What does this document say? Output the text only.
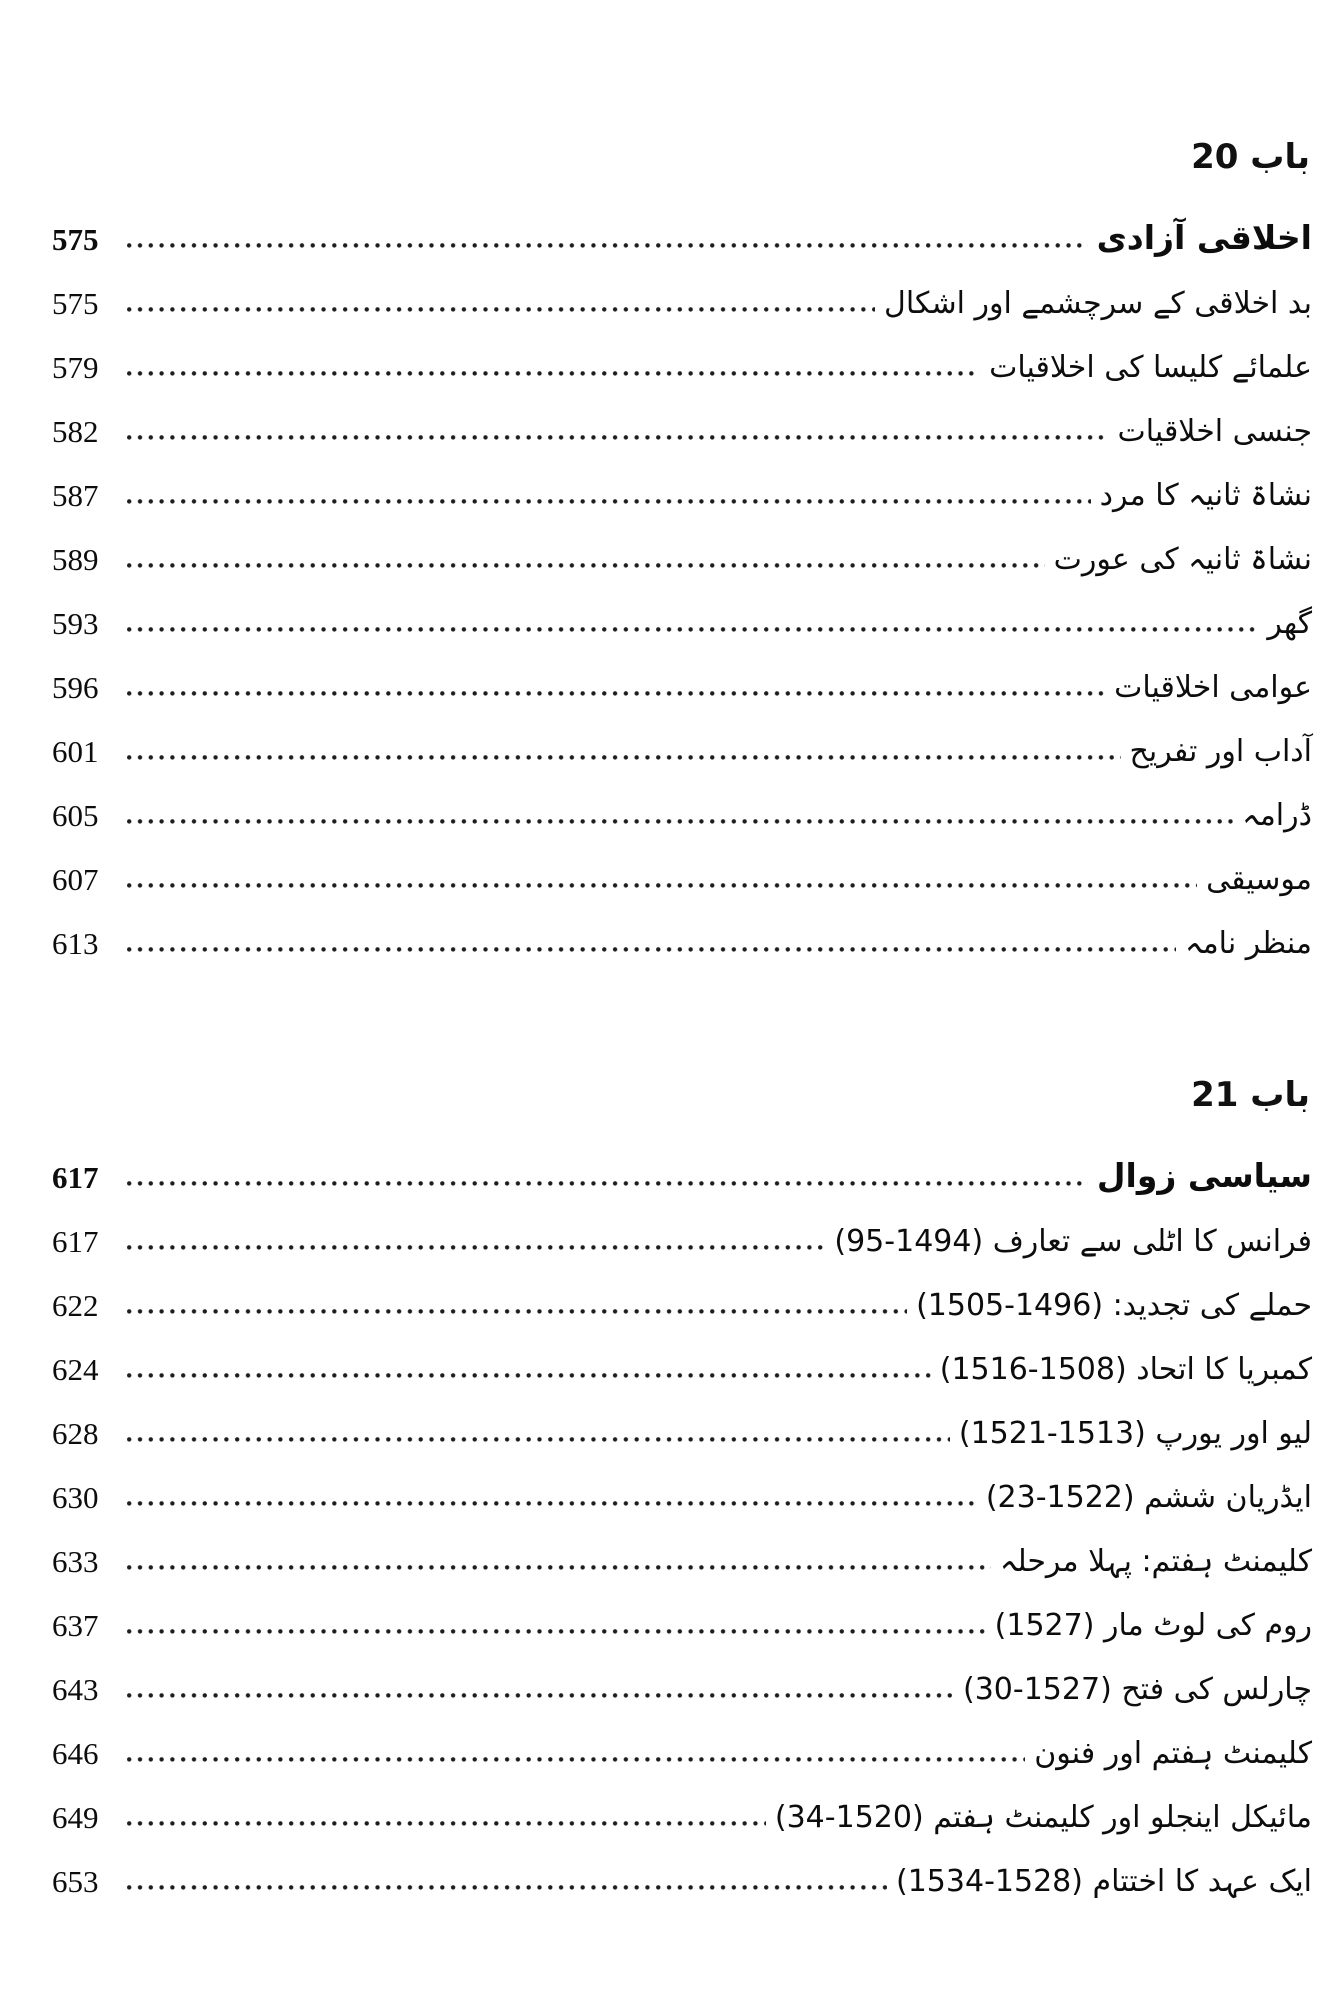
باب 20
اخلاقی آزادی
575
بد اخلاقی کے سرچشمے اور اشکال
575
علمائے کلیسا کی اخلاقیات
579
جنسی اخلاقیات
582
نشاۃ ثانیہ کا مرد
587
نشاۃ ثانیہ کی عورت
589
گھر
593
عوامی اخلاقیات
596
آداب اور تفریح
601
ڈرامہ
605
موسیقی
607
منظر نامہ
613
باب 21
سیاسی زوال
617
فرانس کا اٹلی سے تعارف (1494-95)
617
حملے کی تجدید: (1496-1505)
622
کمبریا کا اتحاد (1508-1516)
624
لیو اور یورپ (1513-1521)
628
ایڈریان ششم (1522-23)
630
کلیمنٹ ہفتم: پہلا مرحلہ
633
روم کی لوٹ مار (1527)
637
چارلس کی فتح (1527-30)
643
کلیمنٹ ہفتم اور فنون
646
مائیکل اینجلو اور کلیمنٹ ہفتم (1520-34)
649
ایک عہد کا اختتام (1528-1534)
653
